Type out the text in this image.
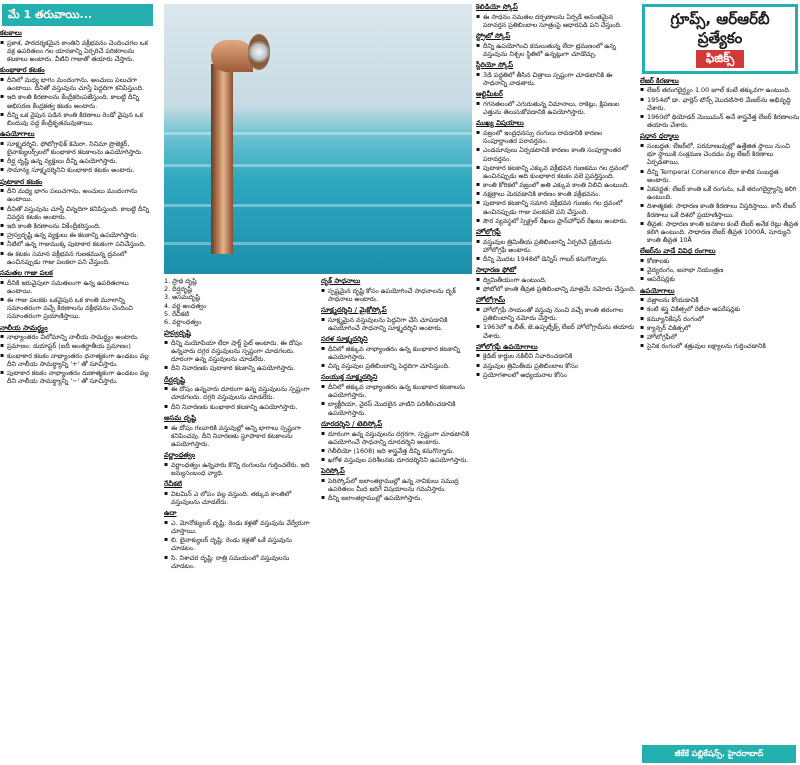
మే 1 తరువాయి...
కటకాలు
▪ ప్రకాశ, పారదర్శకమైన కాంతిని వక్రీభవనం చెందించగల ఒక వక్ర ఉపరితలం గల యానకాన్ని ఏర్పరిచే పరికరాలను కటకాలు అంటారు. వీటిని గాజుతో తయారు చేస్తారు.
కుంభాకార కటకం
▪ దీనిలో మధ్య భాగం మందంగాను, అంచులు పలుచగా ఉంటాయి. దీనితో వస్తువును చూస్తే పెద్దదిగా కనిపిస్తుంది.
▪ ఇది కాంతి కిరణాలను కేంద్రీకరింపజేస్తుంది. కాబట్టి దీన్ని అభిసరణ కేంద్రకత్వ కటకం అంటారు.
▪ దీన్ని ఒక వైపున పడిన కాంతి కిరణాలు రెండో వైపున ఒక బిందువు వద్ద కేంద్రీకృతమవుతాయి.
ఉపయోగాలు
▪ సూక్ష్మదర్శిని, ఫోటోగ్రాఫిక్ కెమెరా, సినిమా ప్రొజెక్టర్, బైనాక్యులర్స్‌లలో కుంభాకార కటకాలను ఉపయోగిస్తారు.
▪ దీర్ఘ దృష్టి ఉన్న వ్యక్తులు దీన్ని ఉపయోగిస్తారు.
▪ సామాన్య సూక్ష్మదర్శినిని కుంభాకార కటకం అంటారు.
పుటాకార కటకం
▪ దీని మధ్య భాగం పలుచగాను, అంచులు మందంగాను ఉంటాయి.
▪ దీనితో వస్తువును చూస్తే చిన్నదిగా కనిపిస్తుంది. కాబట్టి దీన్ని వివర్తన కటకం అంటారు.
▪ ఇది కాంతి కిరణాలను వికేంద్రీకరిస్తుంది.
▪ హ్రస్వదృష్టి ఉన్న వ్యక్తులు ఈ కటకాన్ని ఉపయోగిస్తారు.
▪ నీటిలో ఉన్న గాజుముక్క పుటాకార కటకంగా పనిచేస్తుంది.
▪ ఈ కటకం సమాన వక్రీభవన గుణకమున్న ద్రవంలో ఉంచినప్పుడు గాజు పలకలా పని చేస్తుంది.
సమతల గాజు పలక
▪ దీనికి ఇరువైపులా సమతలంగా ఉన్న ఉపరితలాలు ఉంటాయి.
▪ ఈ గాజు పలకకు ఒకవైపున ఒక కాంతి మూలాన్ని సమాంతరంగా వచ్చే కిరణాలను వక్రీభవనం చెందించి సమాంతరంగా ప్రయాణిస్తాయి.
నాలీయ సామర్థ్యం
▪ నాభ్యాంతరం విలోమాన్ని నాలీయ సామర్థ్యం అంటారు.
▪ ప్రమాణం: డయాప్టర్ (ఐదీ అంతర్జాతీయ ప్రమాణం)
▪ కుంభాకార కటకం నాభ్యాంతరం ధనాత్మకంగా ఉండటం వల్ల దీని నాలీయ సామర్థ్యాన్ని '+' తో సూచిస్తారు.
▪ పుటాకార కటకం నాభ్యాంతరం రుణాత్మకంగా ఉండటం వల్ల దీని నాలీయ సామర్థ్యాన్ని '−' తో సూచిస్తారు.
1. ప్రాథ దృష్టి
2. దీర్ఘదృష్టి
3. అసమదృష్టి
4. వర్ణ అంధత్వం
5. రేచీకటి
6. వర్ణాంధత్వం
హ్రస్వదృష్టి
▪ దీన్ని మయోపియా లేదా షార్ట్ సైట్ అంటారు. ఈ దోషం ఉన్నవారు దగ్గర వస్తువులను స్పష్టంగా చూడగలరు. దూరంగా ఉన్న వస్తువులను చూడలేరు.
▪ దీని నివారణకు పుటాకార కటకాన్ని ఉపయోగిస్తారు.
దీర్ఘదృష్టి
▪ ఈ దోషం ఉన్నవారు దూరంగా ఉన్న వస్తువులను స్పష్టంగా చూడగలరు. దగ్గరి వస్తువులను చూడలేరు.
▪ దీని నివారణకు కుంభాకార కటకాన్ని ఉపయోగిస్తారు.
అసమ దృష్టి
▪ ఈ దోషం గలవారికి వస్తువుల్లో అన్ని భాగాలు స్పష్టంగా కనిపించవు. దీని నివారణకు స్థూపాకార కటకాలను ఉపయోగిస్తారు.
వర్ణాంధత్వం
▪ వర్ణాంధత్వం ఉన్నవారు కొన్ని రంగులను గుర్తించలేరు. ఇది జన్యుసంబంధ వ్యాధి.
రేచీకటి
▪ విటమిన్ ఎ లోపం వల్ల వస్తుంది. తక్కువ కాంతిలో వస్తువులను చూడలేరు.
ఉదా
▪ ఎ. మోనోక్యులర్ దృష్టి: రెండు కళ్లతో వస్తువును వేర్వేరుగా చూస్తాయి.
▪ బి. బైనాక్యులర్ దృష్టి: రెండు కళ్లతో ఒకే వస్తువును చూడటం.
▪ సి. నిశాచర దృష్టి: రాత్రి సమయంలో వస్తువులను చూడటం.
దృక్ సాధనాలు
▪ స్పష్టమైన దృష్టి కోసం ఉపయోగించే సాధనాలను దృక్ సాధనాలు అంటారు.
సూక్ష్మదర్శిని / మైక్రోస్కోప్
▪ సూక్ష్మమైన వస్తువులను పెద్దవిగా చేసి చూపడానికి ఉపయోగించే సాధనాన్ని సూక్ష్మదర్శిని అంటారు.
సరళ సూక్ష్మదర్శిని
▪ దీనిలో తక్కువ నాభ్యాంతరం ఉన్న కుంభాకార కటకాన్ని ఉపయోగిస్తారు.
▪ చిన్న వస్తువుల ప్రతిబింబాన్ని పెద్దదిగా చూపిస్తుంది.
సంయుక్త సూక్ష్మదర్శిని
▪ దీనిలో తక్కువ నాభ్యాంతరం ఉన్న కుంభాకార కటకాలను ఉపయోగిస్తారు.
▪ బ్యాక్టీరియా, వైరస్ మొదలైన వాటిని పరిశీలించడానికి ఉపయోగిస్తారు.
దూరదర్శిని / టెలిస్కోప్
▪ దూరంగా ఉన్న వస్తువులను దగ్గరగా, స్పష్టంగా చూడటానికి ఉపయోగించే సాధనాన్ని దూరదర్శిని అంటారు.
▪ గెలీలియో (1608) ఇది శాస్త్రవేత్త దీన్ని కనుగొన్నారు.
▪ ఖగోళ వస్తువుల పరిశీలనకు దూరదర్శినిని ఉపయోగిస్తారు.
పెరిస్కోప్
▪ పెరిస్కోప్‌లో జలాంతర్గాముల్లో ఉన్న నావికులు సముద్ర ఉపరితలం మీద జరిగే విషయాలను గమనిస్తారు.
▪ దీన్ని జలాంతర్గాముల్లో ఉపయోగిస్తారు.
కెలిడియో స్కోప్
▪ ఈ సాధనం సమతల దర్పణాలను ఏర్పడే అనంతమైన పరావర్తన ప్రతిబింబాల సూత్రంపై ఆధారపడి పని చేస్తుంది.
స్ట్రోబో స్కోప్
▪ దీన్ని ఉపయోగించి కదులుతున్న లేదా భ్రమణంలో ఉన్న వస్తువును నిశ్చల స్థితిలో ఉన్నట్లుగా చూడొచ్చు.
స్టీరియో స్కోప్
▪ 3డి పద్ధతిలో తీసిన చిత్రాలు స్పష్టంగా చూడటానికి ఈ సాధనాన్ని వాడతారు.
ఆల్టిమీటర్
▪ గగనతలంలో ఎగురుతున్న విమానాలు, రాకెట్లు, క్షిపణుల ఎత్తును తెలుసుకోవడానికి ఉపయోగిస్తారు.
ముఖ్య విషయాలు
▪ వజ్రంలో ఇంద్రధనస్సు రంగులు రావడానికి కారణం సంపూర్ణాంతర పరావర్తనం.
▪ ఎండమావులు ఏర్పడటానికి కారణం కాంతి సంపూర్ణాంతర పరావర్తనం.
▪ పుటాకార కటకాన్ని ఎక్కువ వక్రీభవన గుణకము గల ద్రవంలో ఉంచినప్పుడు అది కుంభాకార కటకం వలె ప్రవర్తిస్తుంది.
▪ కాంతి కోరికలో వజ్రంలో అతి ఎక్కువ కాంతి నిలిచి ఉంటుంది.
▪ నక్షత్రాలు మెరవడానికి కారణం కాంతి వక్రీభవనం.
▪ పుటాకార కటకాన్ని సమాన వక్రీభవన గుణకం గల ద్రవంలో ఉంచినప్పుడు గాజు పలకవలె పని చేస్తుంది.
▪ సౌర వ్యవస్థలో స్పెక్ట్రల్ రేఖలు ఫ్రాన్‌హోఫర్ రేఖలు అంటారు.
హోలోగ్రఫీ
▪ వస్తువుల త్రిమితీయ ప్రతిబింబాన్ని ఏర్పరిచే ప్రక్రియను హోలోగ్రఫీ అంటారు.
▪ దీన్ని మొదట 1948లో డెన్నిస్ గాబర్ కనుగొన్నారు.
సాధారణ ఫోటో
▪ ద్విమితీయంగా ఉంటుంది.
▪ ఫోటోలో కాంతి తీవ్రత ప్రతిబింబాన్ని మాత్రమే నమోదు చేస్తుంది.
హోలోగ్రామ్
▪ హోలోగ్రఫీ సాయంతో వస్తువు నుంచి వచ్చే కాంతి తరంగాల ప్రతిబింబాన్ని నమోదు చేస్తారు.
▪ 1963లో ఇ.లీత్, జె.ఉప్పట్నీక్స్ లేజర్ హోలోగ్రామ్‌ను తయారు చేశారు.
హోలోగ్రఫీ ఉపయోగాలు
▪ క్రెడిట్ కార్డుల నకిలీని నివారించడానికి
▪ వస్తువుల త్రిమితీయ ప్రతిబింబాల కోసం
▪ ప్రయోగశాలలో అధ్యయనాల కోసం
గ్రూప్స్, ఆర్ఆర్‌బీ ప్రత్యేకం
ఫిజిక్స్
లేజర్ కిరణాలు
▪ లేజర్ తరంగదైర్ఘ్యం 1.00 జూల్ కంటే తక్కువగా ఉంటుంది.
▪ 1954లో డా. ఛార్లెస్ టౌన్స్ మొదటిసారి మేజర్‌ను అభివృద్ధి చేశారు.
▪ 1960లో థియోడర్ మెయిమన్ అనే శాస్త్రవేత్త లేజర్ కిరణాలను తయారు చేశారు.
ప్రధాన ధర్మాలు
▪ సంబద్ధత: లేజర్‌లో, పరమాణువుల్లో ఉత్తేజిత స్థాయి నుంచి భూ స్థాయికి సంక్రమణ చెందడం వల్ల లేజర్ కిరణాలు ఏర్పడతాయి.
▪ దీన్ని Temperal Coherence లేదా కాలిక సంబద్ధత అంటారు.
▪ ఏకవర్ణత: లేజర్ కాంతి ఒకే రంగును, ఒకే తరంగదైర్ఘ్యాన్ని కలిగి ఉంటుంది.
▪ దిశాత్మకత: సాధారణ కాంతి కిరణాలు విస్తరిస్తాయి. కానీ లేజర్ కిరణాలు ఒకే దిశలో ప్రయాణిస్తాయి.
▪ తీవ్రత: సాధారణ కాంతి జనకాల కంటే లేజర్ అనేక రెట్లు తీవ్రత కలిగి ఉంటుంది. సాధారణ లేజర్ తీవ్రత 1000Å, సూర్యుని కాంతి తీవ్రత 10Å
లేజర్‌ను వాడే వివిధ రంగాలు
▪ కోణాలకు
▪ వైద్యరంగం, జనాభా నియంత్రణ
▪ ఆపరేషన్లకు
ఉపయోగాలు
▪ వజ్రాలను కోయడానికి
▪ కంటి శస్త్ర చికిత్సలో రెటీనా ఆపరేషన్లకు
▪ కమ్యూనికేషన్ రంగంలో
▪ క్యాన్సర్ చికిత్సలో
▪ హోలోగ్రఫీలో
▪ సైనిక రంగంలో శత్రువుల లక్ష్యాలను గుర్తించడానికి
జీకేకే పబ్లికేషన్స్, హైదరాబాద్
